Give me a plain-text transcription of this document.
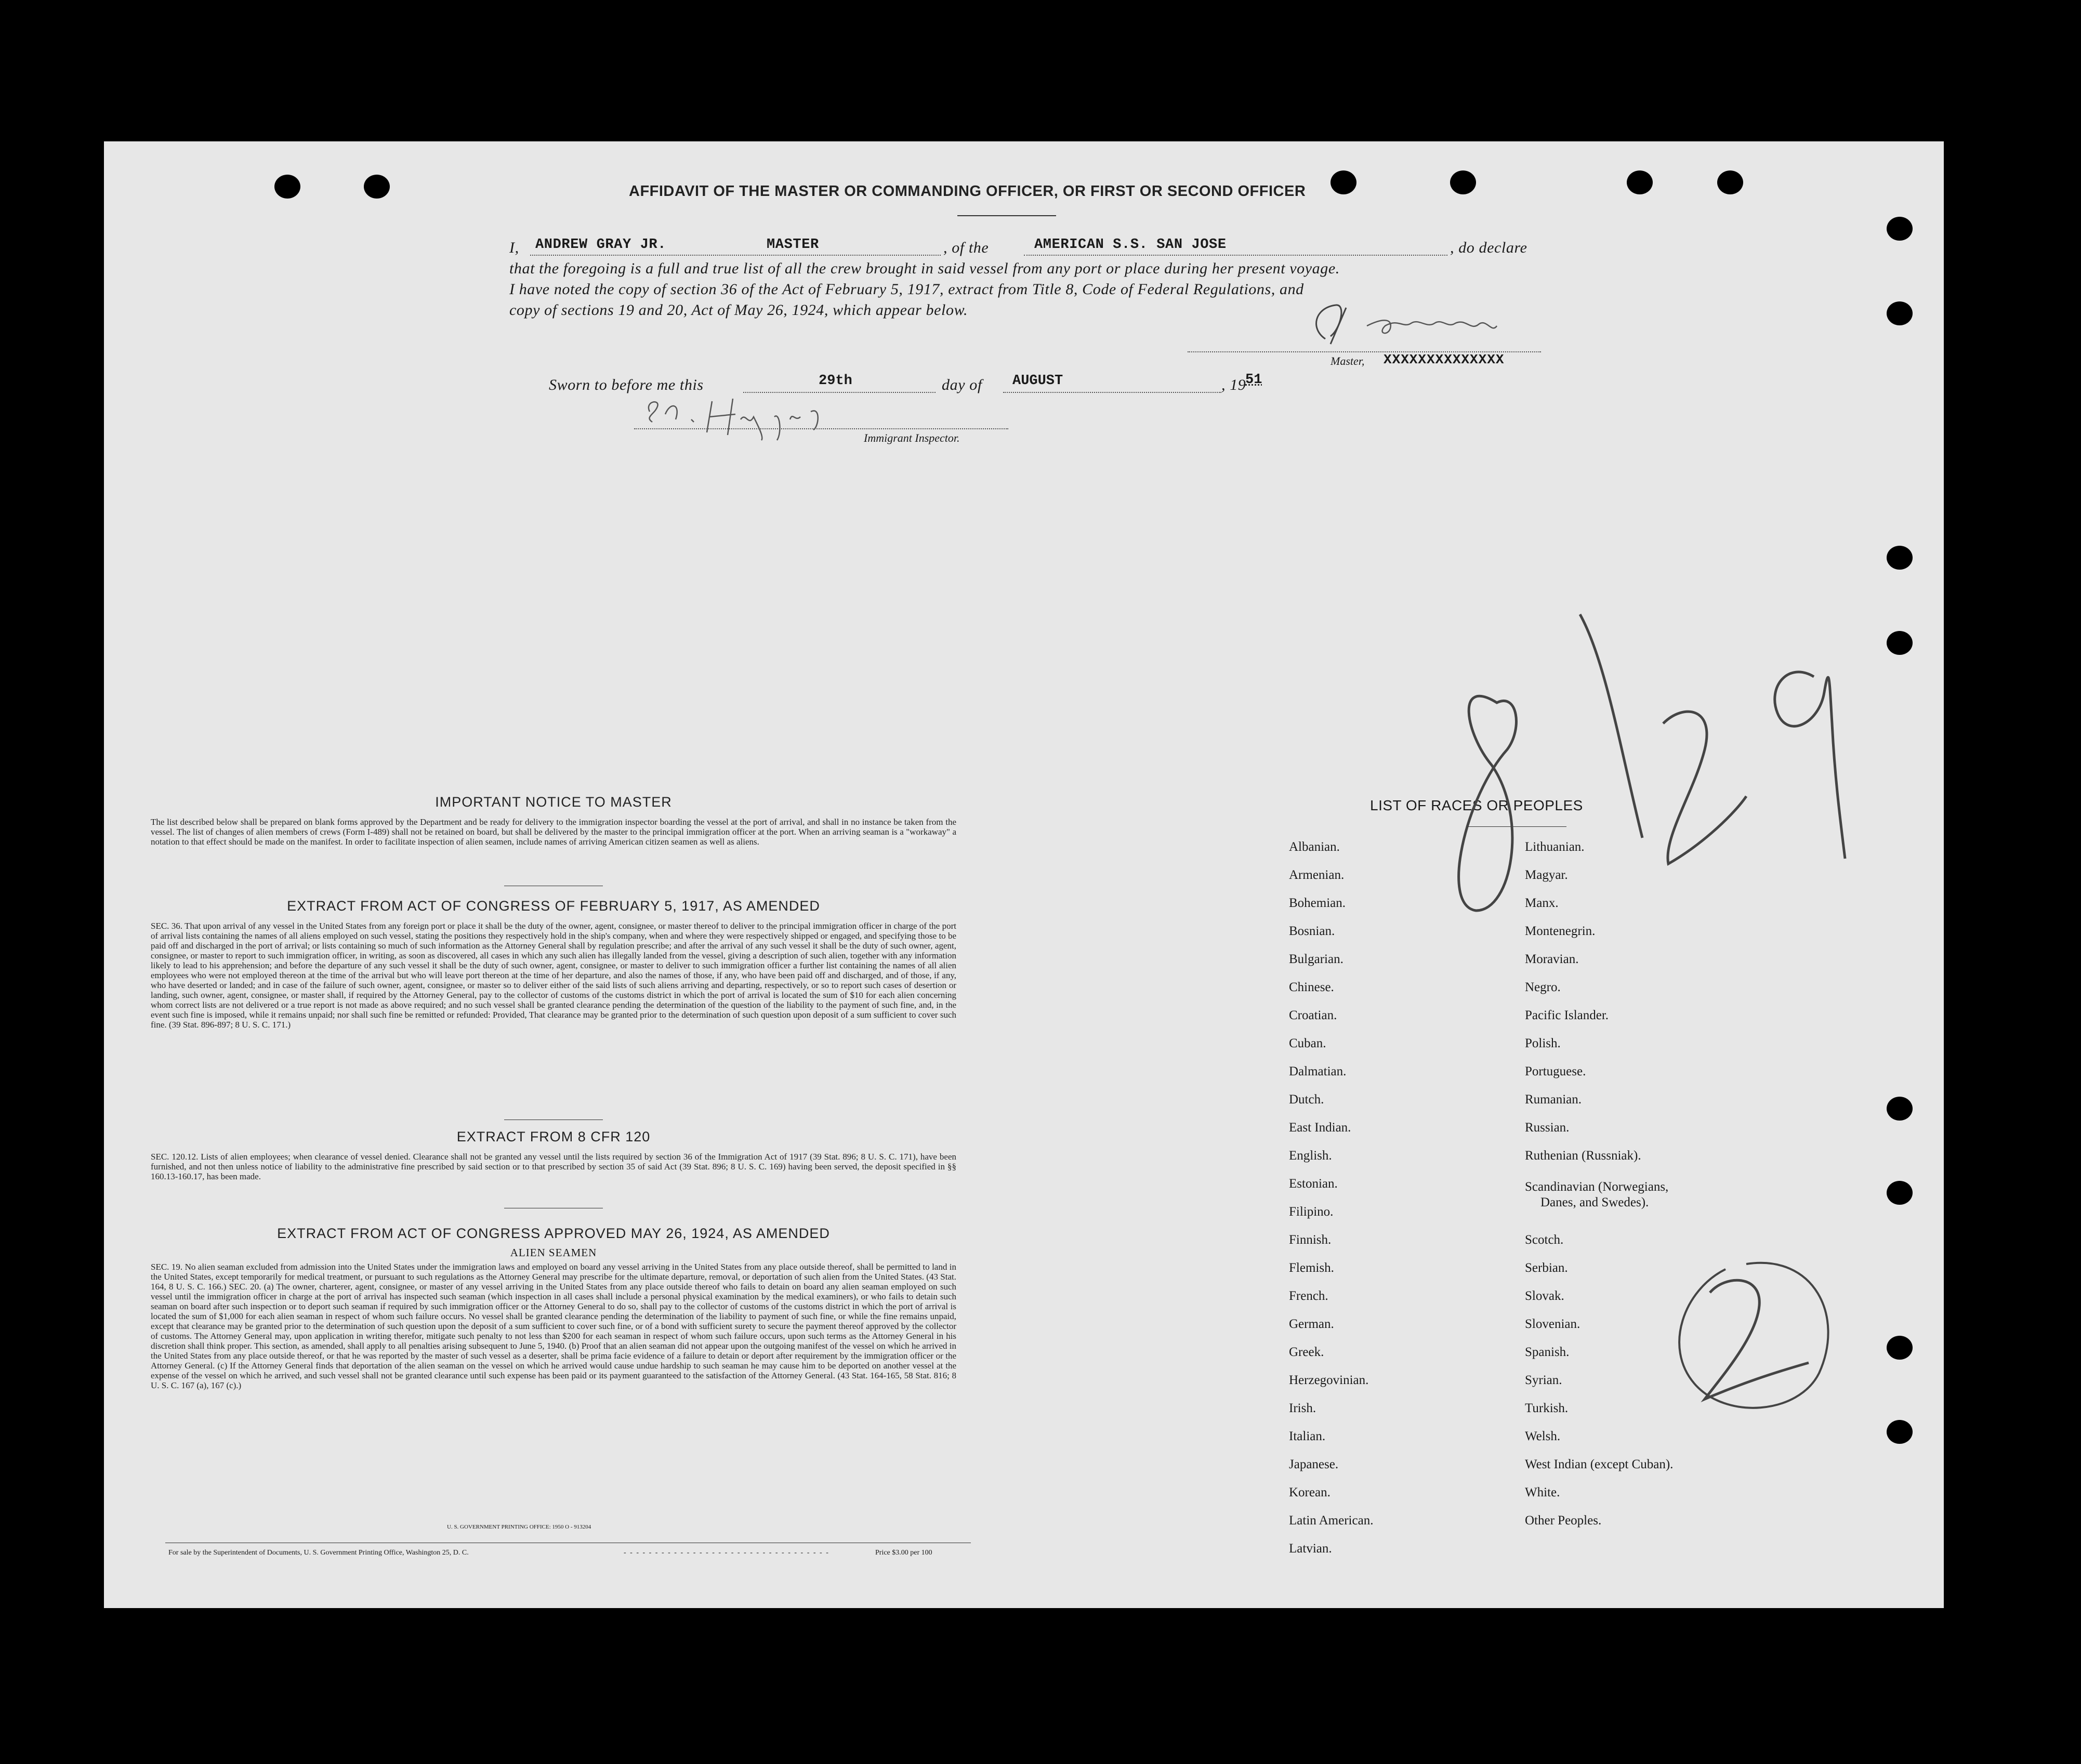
AFFIDAVIT OF THE MASTER OR COMMANDING OFFICER, OR FIRST OR SECOND OFFICER
I, ANDREW GRAY JR.	MASTER	, of the	AMERICAN S.S. SAN JOSE	, do declare
that the foregoing is a full and true list of all the crew brought in said vessel from any port or place during her present voyage.
I have noted the copy of section 36 of the Act of February 5, 1917, extract from Title 8, Code of Federal Regulations, and
copy of sections 19 and 20, Act of May 26, 1924, which appear below.
Master, XXXXXXXXXXXXXX
Sworn to before me this	29th	day of AUGUST	, 19
51
Immigrant Inspector.
IMPORTANT NOTICE TO MASTER

The list described below shall be prepared on blank forms approved by the Department and be ready for delivery to the immigration inspector boarding the vessel at the port of arrival, and shall in no instance be taken from the vessel. The list of changes of alien members of crews (Form I-489) shall not be retained on board, but shall be delivered by the master to the principal immigration officer at the port. When an arriving seaman is a "workaway" a notation to that effect should be made on the manifest. In order to facilitate inspection of alien seamen, include names of arriving American citizen seamen as well as aliens.

EXTRACT FROM ACT OF CONGRESS OF FEBRUARY 5, 1917, AS AMENDED

SEC. 36. That upon arrival of any vessel in the United States from any foreign port or place it shall be the duty of the owner, agent, consignee, or master thereof to deliver to the principal immigration officer in charge of the port of arrival lists containing the names of all aliens employed on such vessel, stating the positions they respectively hold in the ship's company, when and where they were respectively shipped or engaged, and specifying those to be paid off and discharged in the port of arrival; or lists containing so much of such information as the Attorney General shall by regulation prescribe; and after the arrival of any such vessel it shall be the duty of such owner, agent, consignee, or master to report to such immigration officer, in writing, as soon as discovered, all cases in which any such alien has illegally landed from the vessel, giving a description of such alien, together with any information likely to lead to his apprehension; and before the departure of any such vessel it shall be the duty of such owner, agent, consignee, or master to deliver to such immigration officer a further list containing the names of all alien employees who were not employed thereon at the time of the arrival but who will leave port thereon at the time of her departure, and also the names of those, if any, who have been paid off and discharged, and of those, if any, who have deserted or landed; and in case of the failure of such owner, agent, consignee, or master so to deliver either of the said lists of such aliens arriving and departing, respectively, or so to report such cases of desertion or landing, such owner, agent, consignee, or master shall, if required by the Attorney General, pay to the collector of customs of the customs district in which the port of arrival is located the sum of $10 for each alien concerning whom correct lists are not delivered or a true report is not made as above required; and no such vessel shall be granted clearance pending the determination of the question of the liability to the payment of such fine, and, in the event such fine is imposed, while it remains unpaid; nor shall such fine be remitted or refunded: Provided, That clearance may be granted prior to the determination of such question upon deposit of a sum sufficient to cover such fine. (39 Stat. 896-897; 8 U. S. C. 171.)

EXTRACT FROM 8 CFR 120

SEC. 120.12. Lists of alien employees; when clearance of vessel denied. Clearance shall not be granted any vessel until the lists required by section 36 of the Immigration Act of 1917 (39 Stat. 896; 8 U. S. C. 171), have been furnished, and not then unless notice of liability to the administrative fine prescribed by said section or to that prescribed by section 35 of said Act (39 Stat. 896; 8 U. S. C. 169) having been served, the deposit specified in §§ 160.13-160.17, has been made.

EXTRACT FROM ACT OF CONGRESS APPROVED MAY 26, 1924, AS AMENDED
ALIEN SEAMEN

SEC. 19. No alien seaman excluded from admission into the United States under the immigration laws and employed on board any vessel arriving in the United States from any place outside thereof, shall be permitted to land in the United States, except temporarily for medical treatment, or pursuant to such regulations as the Attorney General may prescribe for the ultimate departure, removal, or deportation of such alien from the United States. (43 Stat. 164, 8 U. S. C. 166.) SEC. 20. (a) The owner, charterer, agent, consignee, or master of any vessel arriving in the United States from any place outside thereof who fails to detain on board any alien seaman employed on such vessel until the immigration officer in charge at the port of arrival has inspected such seaman (which inspection in all cases shall include a personal physical examination by the medical examiners), or who fails to detain such seaman on board after such inspection or to deport such seaman if required by such immigration officer or the Attorney General to do so, shall pay to the collector of customs of the customs district in which the port of arrival is located the sum of $1,000 for each alien seaman in respect of whom such failure occurs. No vessel shall be granted clearance pending the determination of the liability to payment of such fine, or while the fine remains unpaid, except that clearance may be granted prior to the determination of such question upon the deposit of a sum sufficient to cover such fine, or of a bond with sufficient surety to secure the payment thereof approved by the collector of customs. The Attorney General may, upon application in writing therefor, mitigate such penalty to not less than $200 for each seaman in respect of whom such failure occurs, upon such terms as the Attorney General in his discretion shall think proper. This section, as amended, shall apply to all penalties arising subsequent to June 5, 1940. (b) Proof that an alien seaman did not appear upon the outgoing manifest of the vessel on which he arrived in the United States from any place outside thereof, or that he was reported by the master of such vessel as a deserter, shall be prima facie evidence of a failure to detain or deport after requirement by the immigration officer or the Attorney General. (c) If the Attorney General finds that deportation of the alien seaman on the vessel on which he arrived would cause undue hardship to such seaman he may cause him to be deported on another vessel at the expense of the vessel on which he arrived, and such vessel shall not be granted clearance until such expense has been paid or its payment guaranteed to the satisfaction of the Attorney General. (43 Stat. 164-165, 58 Stat. 816; 8 U. S. C. 167 (a), 167 (c).)

U. S. GOVERNMENT PRINTING OFFICE: 1950 O - 913204
For sale by the Superintendent of Documents, U. S. Government Printing Office, Washington 25, D. C.	- - - - - - - - - - - - - - - - - - - - - - - - - - - - - - - - -	Price $3.00 per 100
LIST OF RACES OR PEOPLES
Albanian.
Armenian.
Bohemian.
Bosnian.
Bulgarian.
Chinese.
Croatian.
Cuban.
Dalmatian.
Dutch.
East Indian.
English.
Estonian.
Filipino.
Finnish.
Flemish.
French.
German.
Greek.
Herzegovinian.
Irish.
Italian.
Japanese.
Korean.
Latin American.
Latvian.
Lithuanian.
Magyar.
Manx.
Montenegrin.
Moravian.
Negro.
Pacific Islander.
Polish.
Portuguese.
Rumanian.
Russian.
Ruthenian (Russniak).
Scandinavian (Norwegians,
Danes, and Swedes).
Scotch.
Serbian.
Slovak.
Slovenian.
Spanish.
Syrian.
Turkish.
Welsh.
West Indian (except Cuban).
White.
Other Peoples.
